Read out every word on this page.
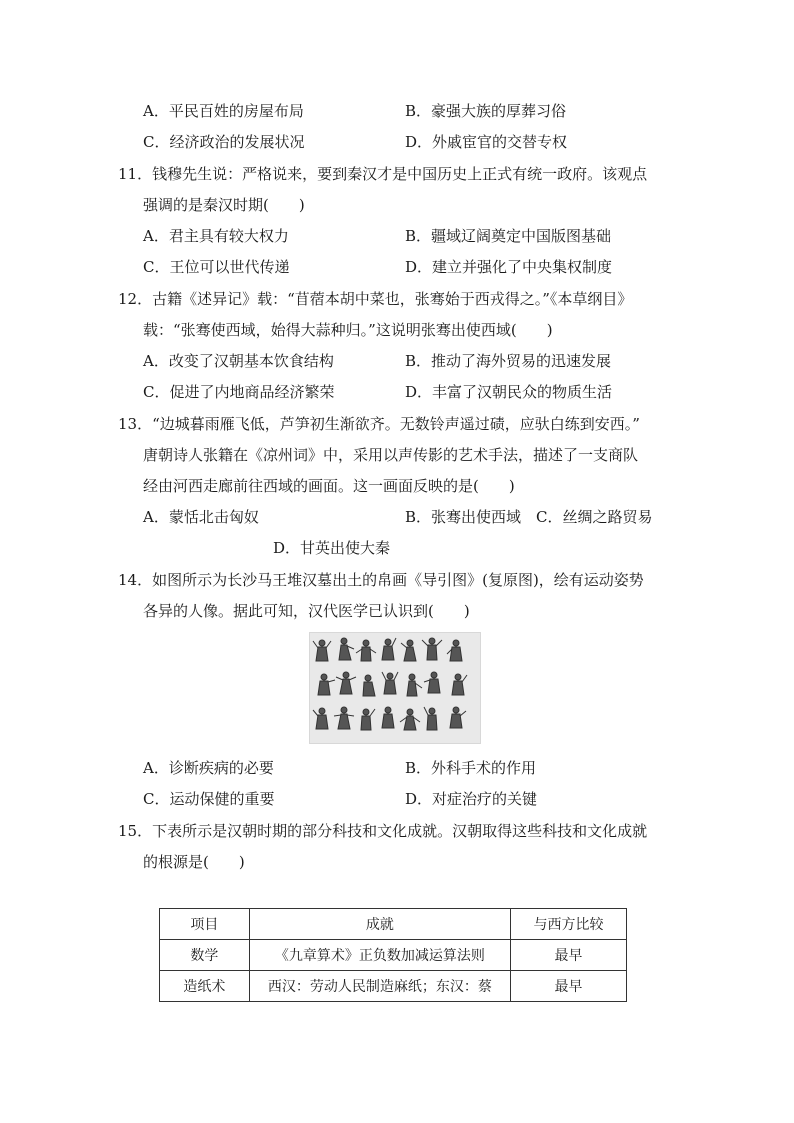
A．平民百姓的房屋布局	B．豪强大族的厚葬习俗
C．经济政治的发展状况	D．外戚宦官的交替专权
11．钱穆先生说：严格说来，要到秦汉才是中国历史上正式有统一政府。该观点
强调的是秦汉时期(　　)
A．君主具有较大权力	B．疆域辽阔奠定中国版图基础
C．王位可以世代传递	D．建立并强化了中央集权制度
12．古籍《述异记》载：“苜蓿本胡中菜也，张骞始于西戎得之。”《本草纲目》
载：“张骞使西域，始得大蒜种归。”这说明张骞出使西域(　　)
A．改变了汉朝基本饮食结构	B．推动了海外贸易的迅速发展
C．促进了内地商品经济繁荣	D．丰富了汉朝民众的物质生活
13．“边城暮雨雁飞低，芦笋初生渐欲齐。无数铃声遥过碛，应驮白练到安西。”
唐朝诗人张籍在《凉州词》中，采用以声传影的艺术手法，描述了一支商队
经由河西走廊前往西域的画面。这一画面反映的是(　　)
A．蒙恬北击匈奴	B．张骞出使西域　C．丝绸之路贸易
D．甘英出使大秦
14．如图所示为长沙马王堆汉墓出土的帛画《导引图》(复原图)，绘有运动姿势
各异的人像。据此可知，汉代医学已认识到(　　)
A．诊断疾病的必要	B．外科手术的作用
C．运动保健的重要	D．对症治疗的关键
15．下表所示是汉朝时期的部分科技和文化成就。汉朝取得这些科技和文化成就
的根源是(　　)
项目	成就	与西方比较
数学	《九章算术》正负数加减运算法则	最早
造纸术	西汉：劳动人民制造麻纸；东汉：蔡	最早
